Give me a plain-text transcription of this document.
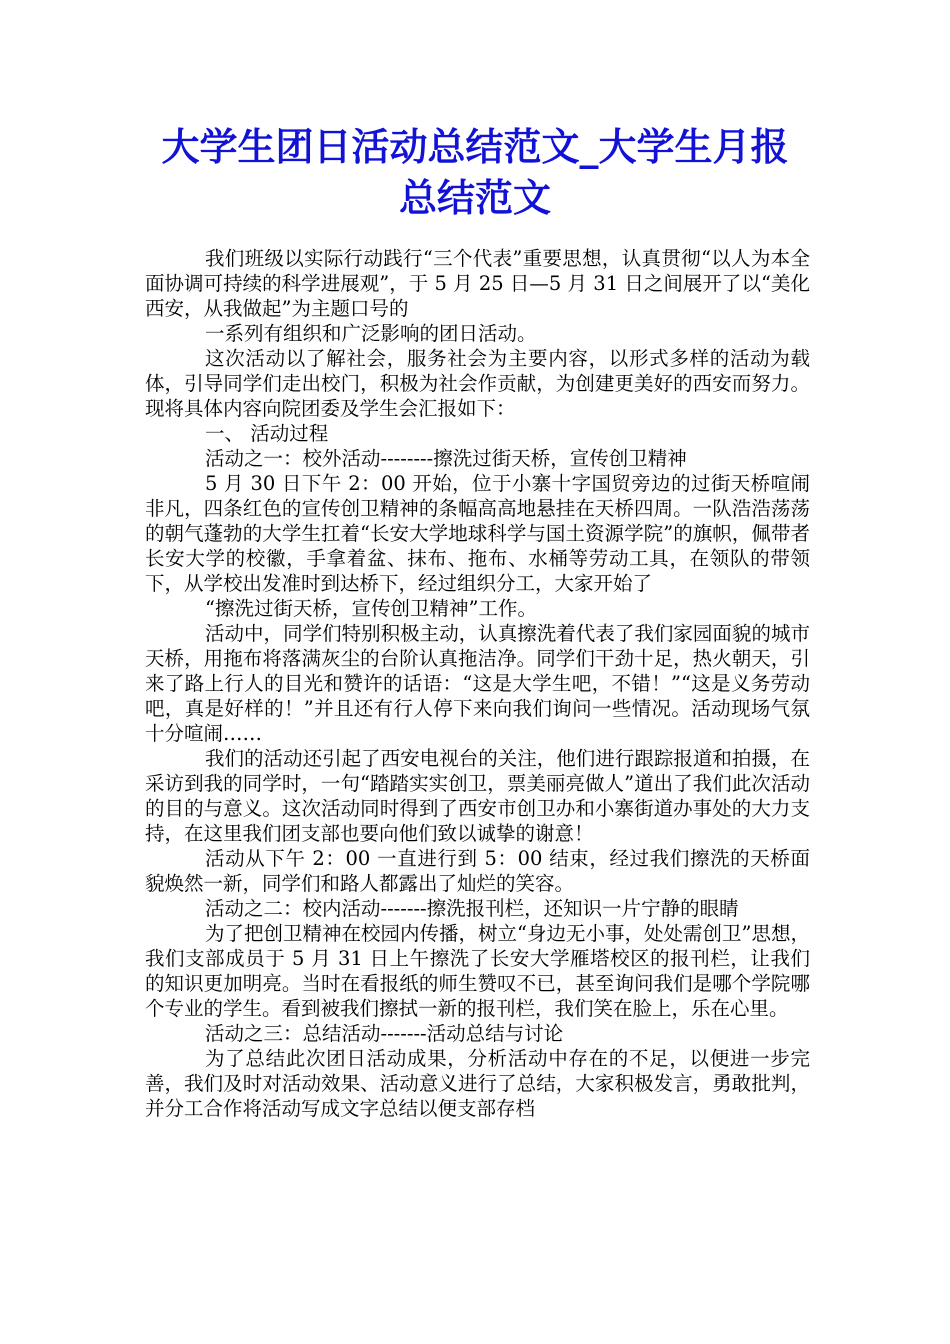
大学生团日活动总结范文_大学生月报总结范文

我们班级以实际行动践行“三个代表”重要思想，认真贯彻“以人为本全面协调可持续的科学进展观”，于 5 月 25 日—5 月 31 日之间展开了以“美化西安，从我做起”为主题口号的

一系列有组织和广泛影响的团日活动。

这次活动以了解社会，服务社会为主要内容，以形式多样的活动为载体，引导同学们走出校门，积极为社会作贡献，为创建更美好的西安而努力。现将具体内容向院团委及学生会汇报如下：

一、 活动过程

活动之一：校外活动--------擦洗过街天桥，宣传创卫精神

5 月 30 日下午 2：00 开始，位于小寨十字国贸旁边的过街天桥喧闹非凡，四条红色的宣传创卫精神的条幅高高地悬挂在天桥四周。一队浩浩荡荡的朝气蓬勃的大学生扛着“长安大学地球科学与国土资源学院”的旗帜，佩带者长安大学的校徽，手拿着盆、抹布、拖布、水桶等劳动工具，在领队的带领下，从学校出发准时到达桥下，经过组织分工，大家开始了

“擦洗过街天桥，宣传创卫精神”工作。

活动中，同学们特别积极主动，认真擦洗着代表了我们家园面貌的城市天桥，用拖布将落满灰尘的台阶认真拖洁净。同学们干劲十足，热火朝天，引来了路上行人的目光和赞许的话语：“这是大学生吧，不错！”“这是义务劳动吧，真是好样的！”并且还有行人停下来向我们询问一些情况。活动现场气氛十分喧闹……

我们的活动还引起了西安电视台的关注，他们进行跟踪报道和拍摄，在采访到我的同学时，一句“踏踏实实创卫，票美丽亮做人”道出了我们此次活动的目的与意义。这次活动同时得到了西安市创卫办和小寨街道办事处的大力支持，在这里我们团支部也要向他们致以诚挚的谢意！

活动从下午 2：00 一直进行到 5：00 结束，经过我们擦洗的天桥面貌焕然一新，同学们和路人都露出了灿烂的笑容。

活动之二：校内活动-------擦洗报刊栏，还知识一片宁静的眼睛

为了把创卫精神在校园内传播，树立“身边无小事，处处需创卫”思想，我们支部成员于 5 月 31 日上午擦洗了长安大学雁塔校区的报刊栏，让我们的知识更加明亮。当时在看报纸的师生赞叹不已，甚至询问我们是哪个学院哪个专业的学生。看到被我们擦拭一新的报刊栏，我们笑在脸上，乐在心里。

活动之三：总结活动-------活动总结与讨论

为了总结此次团日活动成果，分析活动中存在的不足，以便进一步完善，我们及时对活动效果、活动意义进行了总结，大家积极发言，勇敢批判，并分工合作将活动写成文字总结以便支部存档
